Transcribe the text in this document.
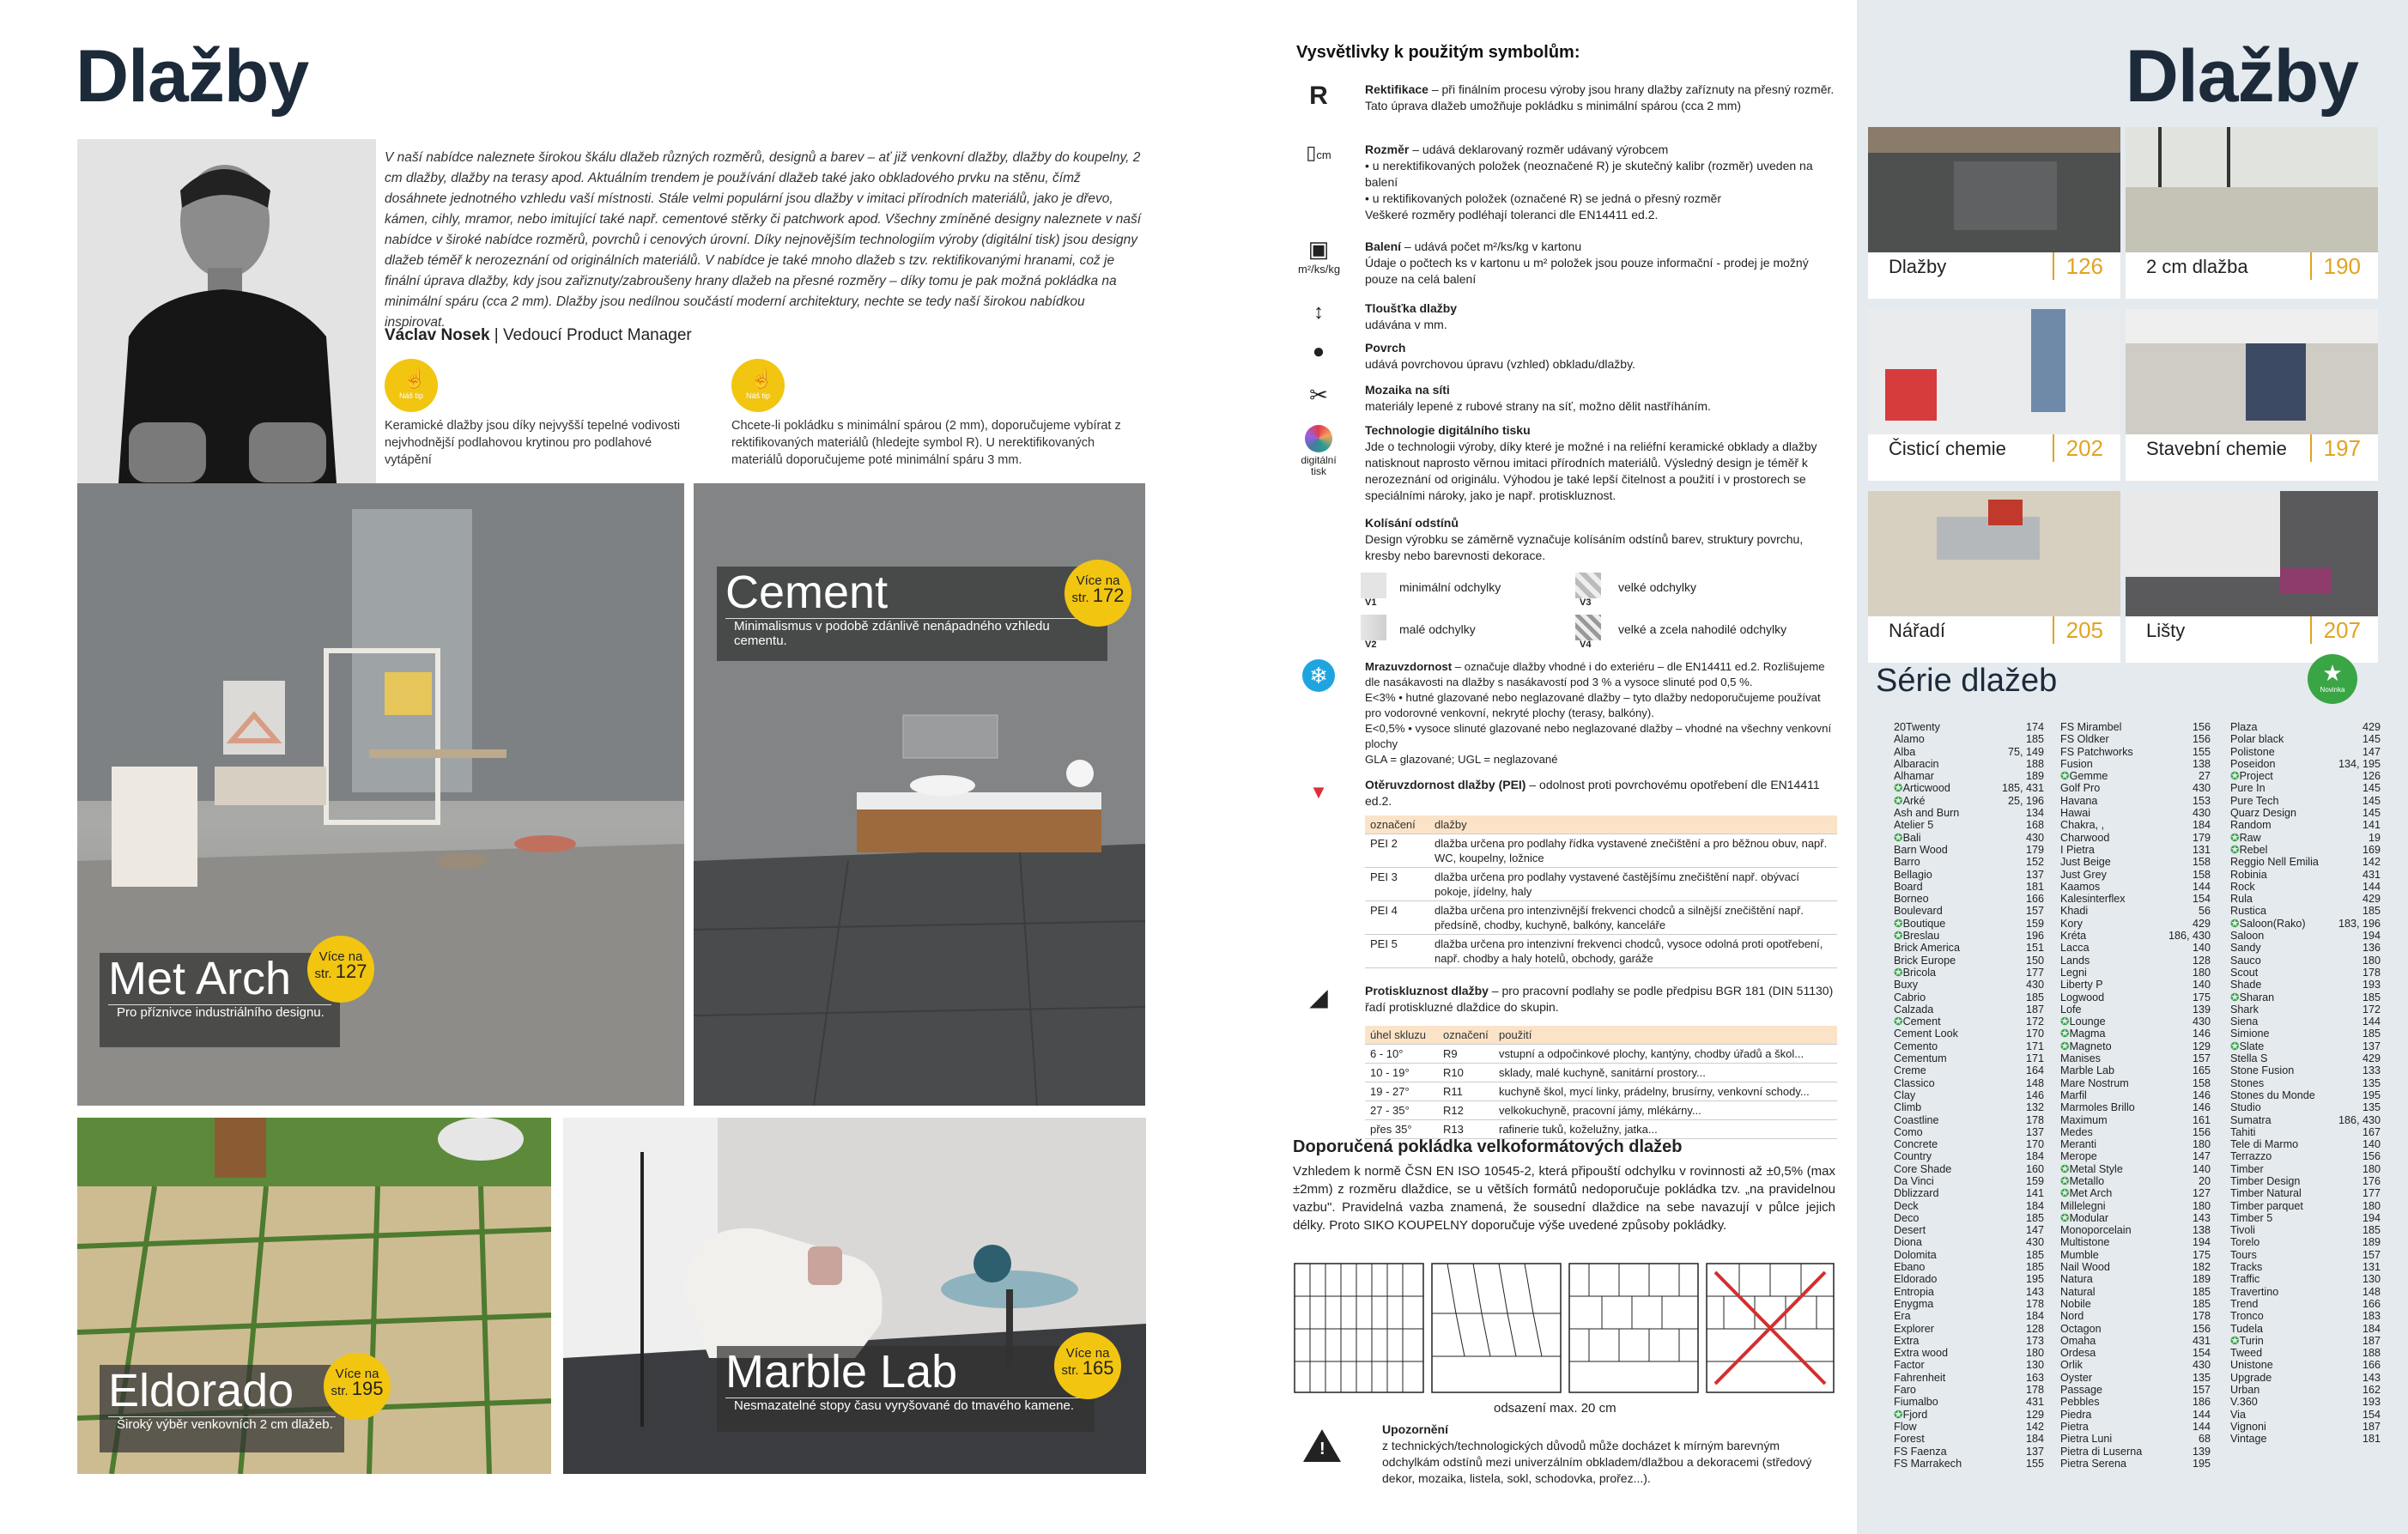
Dlažby
V naší nabídce naleznete širokou škálu dlažeb různých rozměrů, designů a barev – ať již venkovní dlažby, dlažby do koupelny, 2 cm dlažby, dlažby na terasy apod. Aktuálním trendem je používání dlažeb také jako obkladového prvku na stěnu, čímž dosáhnete jednotného vzhledu vaší místnosti. Stále velmi populární jsou dlažby v imitaci přírodních materiálů, jako je dřevo, kámen, cihly, mramor, nebo imitující také např. cementové stěrky či patchwork apod. Všechny zmíněné designy naleznete v naší nabídce v široké nabídce rozměrů, povrchů i cenových úrovní. Díky nejnovějším technologiím výroby (digitální tisk) jsou designy dlažeb téměř k nerozeznání od originálních materiálů. V nabídce je také mnoho dlažeb s tzv. rektifikovanými hranami, což je finální úprava dlažby, kdy jsou zařiznuty/zabroušeny hrany dlažeb na přesné rozměry – díky tomu je pak možná pokládka na minimální spáru (cca 2 mm). Dlažby jsou nedílnou součástí moderní architektury, nechte se tedy naší širokou nabídkou inspirovat.
Václav Nosek | Vedoucí Product Manager
☝
Náš tip
Keramické dlažby jsou díky nejvyšší tepelné vodivosti nejvhodnější podlahovou krytinou pro podlahové vytápění
☝
Náš tip
Chcete-li pokládku s minimální spárou (2 mm), doporučujeme vybírat z rektifikovaných materiálů (hledejte symbol R). U nerektifikovaných materiálů doporučujeme poté minimální spáru 3 mm.
Met Arch
Pro příznivce industriálního designu.
Více na
str. 127
Cement
Minimalismus v podobě zdánlivě nenápadného vzhledu cementu.
Více na
str. 172
Eldorado
Široký výběr venkovních 2 cm dlažeb.
Více na
str. 195	Marble Lab
Nesmazatelné stopy času vyryšované do tmavého kamene.
Více na
str. 165
Vysvětlivky k použitým symbolům:
R	Rektifikace – při finálním procesu výroby jsou hrany dlažby zaříznuty na přesný rozměr. Tato úprava dlažeb umožňuje pokládku s minimální spárou (cca 2 mm)
▯cm	Rozměr – udává deklarovaný rozměr udávaný výrobcem
• u nerektifikovaných položek (neoznačené R) je skutečný kalibr (rozměr) uveden na balení
• u rektifikovaných položek (označené R) se jedná o přesný rozměr
Veškeré rozměry podléhají toleranci dle EN14411 ed.2.
▣
m²/ks/kg
Balení – udává počet m²/ks/kg v kartonu
Údaje o počtech ks v kartonu u m² položek jsou pouze informační - prodej je možný pouze na celá balení
↕	Tloušťka dlažby
udávána v mm.
●	Povrch
udává povrchovou úpravu (vzhled) obkladu/dlažby.
✂	Mozaika na síti
materiály lepené z rubové strany na síť, možno dělit nastříháním.
digitální tisk
Technologie digitálního tisku
Jde o technologii výroby, díky které je možné i na reliéfní keramické obklady a dlažby natisknout naprosto věrnou imitaci přírodních materiálů. Výsledný design je téměř k nerozeznání od originálu. Výhodou je také lepší čitelnost a použití i v prostorech se speciálními nároky, jako je např. protiskluznost.
Kolísání odstínů
Design výrobku se záměrně vyznačuje kolísáním odstínů barev, struktury povrchu, kresby nebo barevnosti dekorace.
V1
minimální odchylky
V2
malé odchylky
V3
velké odchylky
V4
velké a zcela nahodilé odchylky
❄	Mrazuvzdornost – označuje dlažby vhodné i do exteriéru – dle EN14411 ed.2. Rozlišujeme dle nasákavosti na dlažby s nasákavostí pod 3 % a vysoce slinuté pod 0,5 %.
E<3% • hutné glazované nebo neglazované dlažby – tyto dlažby nedoporučujeme používat pro vodorovné venkovní, nekryté plochy (terasy, balkóny).
E<0,5% • vysoce slinuté glazované nebo neglazované dlažby – vhodné na všechny venkovní plochy
GLA = glazované; UGL = neglazované
▼	Otěruvzdornost dlažby (PEI) – odolnost proti povrchovému opotřebení dle EN14411 ed.2.
označení	dlažby
PEI 2	dlažba určena pro podlahy řídka vystavené znečištění a pro běžnou obuv, např. WC, koupelny, ložnice
PEI 3	dlažba určena pro podlahy vystavené častějšímu znečištění např. obývací pokoje, jídelny, haly
PEI 4	dlažba určena pro intenzivnější frekvenci chodců a silnější znečištění např. předsíně, chodby, kuchyně, balkóny, kanceláře
PEI 5	dlažba určena pro intenzivní frekvenci chodců, vysoce odolná proti opotřebení, např. chodby a haly hotelů, obchody, garáže
◢	Protiskluznost dlažby – pro pracovní podlahy se podle předpisu BGR 181 (DIN 51130) řadí protiskluzné dlaždice do skupin.
úhel skluzu	označení	použití
6 - 10°	R9	vstupní a odpočinkové plochy, kantýny, chodby úřadů a škol...
10 - 19°	R10	sklady, malé kuchyně, sanitární prostory...
19 - 27°	R11	kuchyně škol, mycí linky, prádelny, brusírny, venkovní schody...
27 - 35°	R12	velkokuchyně, pracovní jámy, mlékárny...
přes 35°	R13	rafinerie tuků, koželužny, jatka...
Doporučená pokládka velkoformátových dlažeb
Vzhledem k normě ČSN EN ISO 10545-2, která připouští odchylku v rovinnosti až ±0,5% (max ±2mm) z rozměru dlaždice, se u větších formátů nedoporučuje pokládka tzv. „na pravidelnou vazbu". Pravidelná vazba znamená, že sousední dlaždice na sebe navazují v půlce jejich délky. Proto SIKO KOUPELNY doporučuje výše uvedené způsoby pokládky.
odsazení max. 20 cm
!
Upozornění
z technických/technologických důvodů může docházet k mírným barevným odchylkám odstínů mezi univerzálním obkladem/dlažbou a dekoracemi (středový dekor, mozaika, listela, sokl, schodovka, prořez...).
Dlažby
Dlažby	126 2 cm dlažba	190
Čisticí chemie	202 Stavební chemie	197
Nářadí	205 Lišty	207
Série dlažeb	★
Novinka
20Twenty	174
Alamo	185
Alba	75, 149
Albaracin	188
Alhamar	189
✪ Articwood	185, 431
✪ Arké	25, 196
Ash and Burn	134
Atelier 5	168
✪ Bali	430
Barn Wood	179
Barro	152
Bellagio	137
Board	181
Borneo	166
Boulevard	157
✪ Boutique	159
✪ Breslau	196
Brick America	151
Brick Europe	150
✪ Bricola	177
Buxy	430
Cabrio	185
Calzada	187
✪ Cement	172
Cement Look	170
Cemento	171
Cementum	171
Creme	164
Classico	148
Clay	146
Climb	132
Coastline	178
Como	137
Concrete	170
Country	184
Core Shade	160
Da Vinci	159
Dblizzard	141
Deck	184
Deco	185
Desert	147
Diona	430
Dolomita	185
Ebano	185
Eldorado	195
Entropia	143
Enygma	178
Era	184
Explorer	128
Extra	173
Extra wood	180
Factor	130
Fahrenheit	163
Faro	178
Fiumalbo	431
✪ Fjord	129
Flow	142
Forest	184
FS Faenza	137
FS Marrakech	155
FS Mirambel	156
FS Oldker	156
FS Patchworks	155
Fusion	138
✪ Gemme	27
Golf Pro	430
Havana	153
Hawai	430
Chakra, ,	184
Charwood	179
I Pietra	131
Just Beige	158
Just Grey	158
Kaamos	144
Kalesinterflex	154
Khadi	56
Kory	429
Kréta	186, 430
Lacca	140
Lands	128
Legni	180
Liberty P	140
Logwood	175
Lofe	139
✪ Lounge	430
✪ Magma	146
✪ Magneto	129
Manises	157
Marble Lab	165
Mare Nostrum	158
Marfil	146
Marmoles Brillo	146
Maximum	161
Medes	156
Meranti	180
Merope	147
✪ Metal Style	140
✪ Metallo	20
✪ Met Arch	127
Millelegni	180
✪ Modular	143
Monoporcelain	138
Multistone	194
Mumble	175
Nail Wood	182
Natura	189
Natural	185
Nobile	185
Nord	178
Octagon	156
Omaha	431
Ordesa	154
Orlik	430
Oyster	135
Passage	157
Pebbles	186
Piedra	144
Pietra	144
Pietra Luni	68
Pietra di Luserna	139
Pietra Serena	195
Plaza	429
Polar black	145
Polistone	147
Poseidon	134, 195
✪ Project	126
Pure In	145
Pure Tech	145
Quarz Design	145
Random	141
✪ Raw	19
✪ Rebel	169
Reggio Nell Emilia	142
Robinia	431
Rock	144
Rula	429
Rustica	185
✪ Saloon(Rako)	183, 196
Saloon	194
Sandy	136
Sauco	180
Scout	178
Shade	193
✪ Sharan	185
Shark	172
Siena	144
Simione	185
✪ Slate	137
Stella S	429
Stone Fusion	133
Stones	135
Stones du Monde	195
Studio	135
Sumatra	186, 430
Tahiti	167
Tele di Marmo	140
Terrazzo	156
Timber	180
Timber Design	176
Timber Natural	177
Timber parquet	180
Timber 5	194
Tivoli	185
Torelo	189
Tours	157
Tracks	131
Traffic	130
Travertino	148
Trend	166
Tronco	183
Tudela	184
✪ Turin	187
Tweed	188
Unistone	166
Upgrade	143
Urban	162
V.360	193
Via	154
Vignoni	187
Vintage	181
